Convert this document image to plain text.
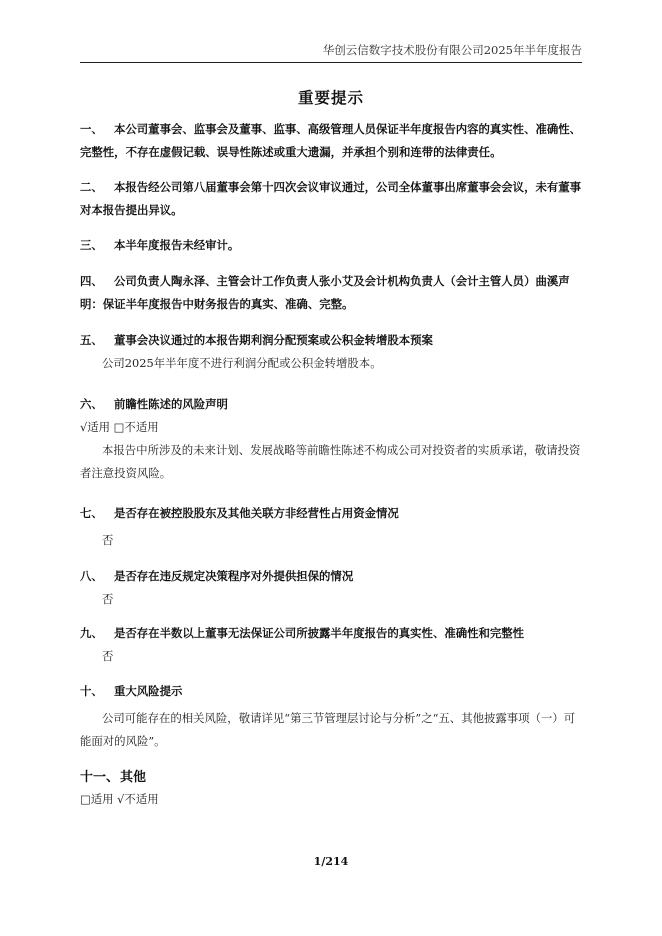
华创云信数字技术股份有限公司2025年半年度报告
重要提示
一、 本公司董事会、监事会及董事、监事、高级管理人员保证半年度报告内容的真实性、准确性、完整性，不存在虚假记载、误导性陈述或重大遗漏，并承担个别和连带的法律责任。
二、 本报告经公司第八届董事会第十四次会议审议通过，公司全体董事出席董事会会议，未有董事对本报告提出异议。
三、 本半年度报告未经审计。
四、 公司负责人陶永泽、主管会计工作负责人张小艾及会计机构负责人（会计主管人员）曲溪声明：保证半年度报告中财务报告的真实、准确、完整。
五、 董事会决议通过的本报告期利润分配预案或公积金转增股本预案
公司2025年半年度不进行利润分配或公积金转增股本。
六、 前瞻性陈述的风险声明
√适用 □不适用
本报告中所涉及的未来计划、发展战略等前瞻性陈述不构成公司对投资者的实质承诺，敬请投资者注意投资风险。
七、 是否存在被控股股东及其他关联方非经营性占用资金情况
否
八、 是否存在违反规定决策程序对外提供担保的情况
否
九、 是否存在半数以上董事无法保证公司所披露半年度报告的真实性、准确性和完整性
否
十、 重大风险提示
公司可能存在的相关风险，敬请详见“第三节管理层讨论与分析”之“五、其他披露事项（一）可能面对的风险”。
十一、其他
□适用 √不适用
1/214
